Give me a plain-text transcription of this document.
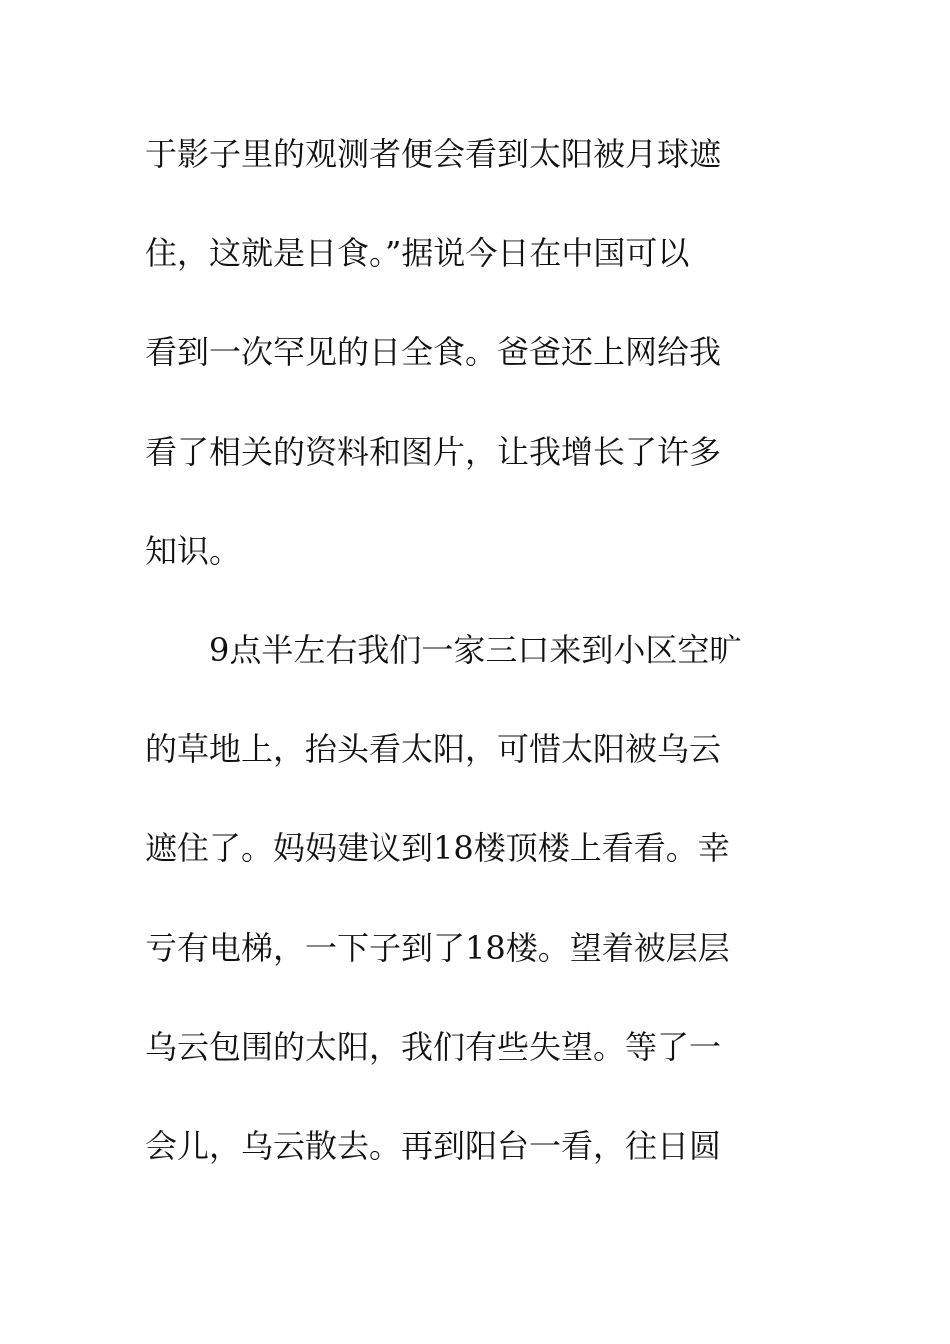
于影子里的观测者便会看到太阳被月球遮
住，这就是日食。”据说今日在中国可以
看到一次罕见的日全食。爸爸还上网给我
看了相关的资料和图片，让我增长了许多
知识。
　　9点半左右我们一家三口来到小区空旷
的草地上，抬头看太阳，可惜太阳被乌云
遮住了。妈妈建议到18楼顶楼上看看。幸
亏有电梯，一下子到了18楼。望着被层层
乌云包围的太阳，我们有些失望。等了一
会儿，乌云散去。再到阳台一看，往日圆
